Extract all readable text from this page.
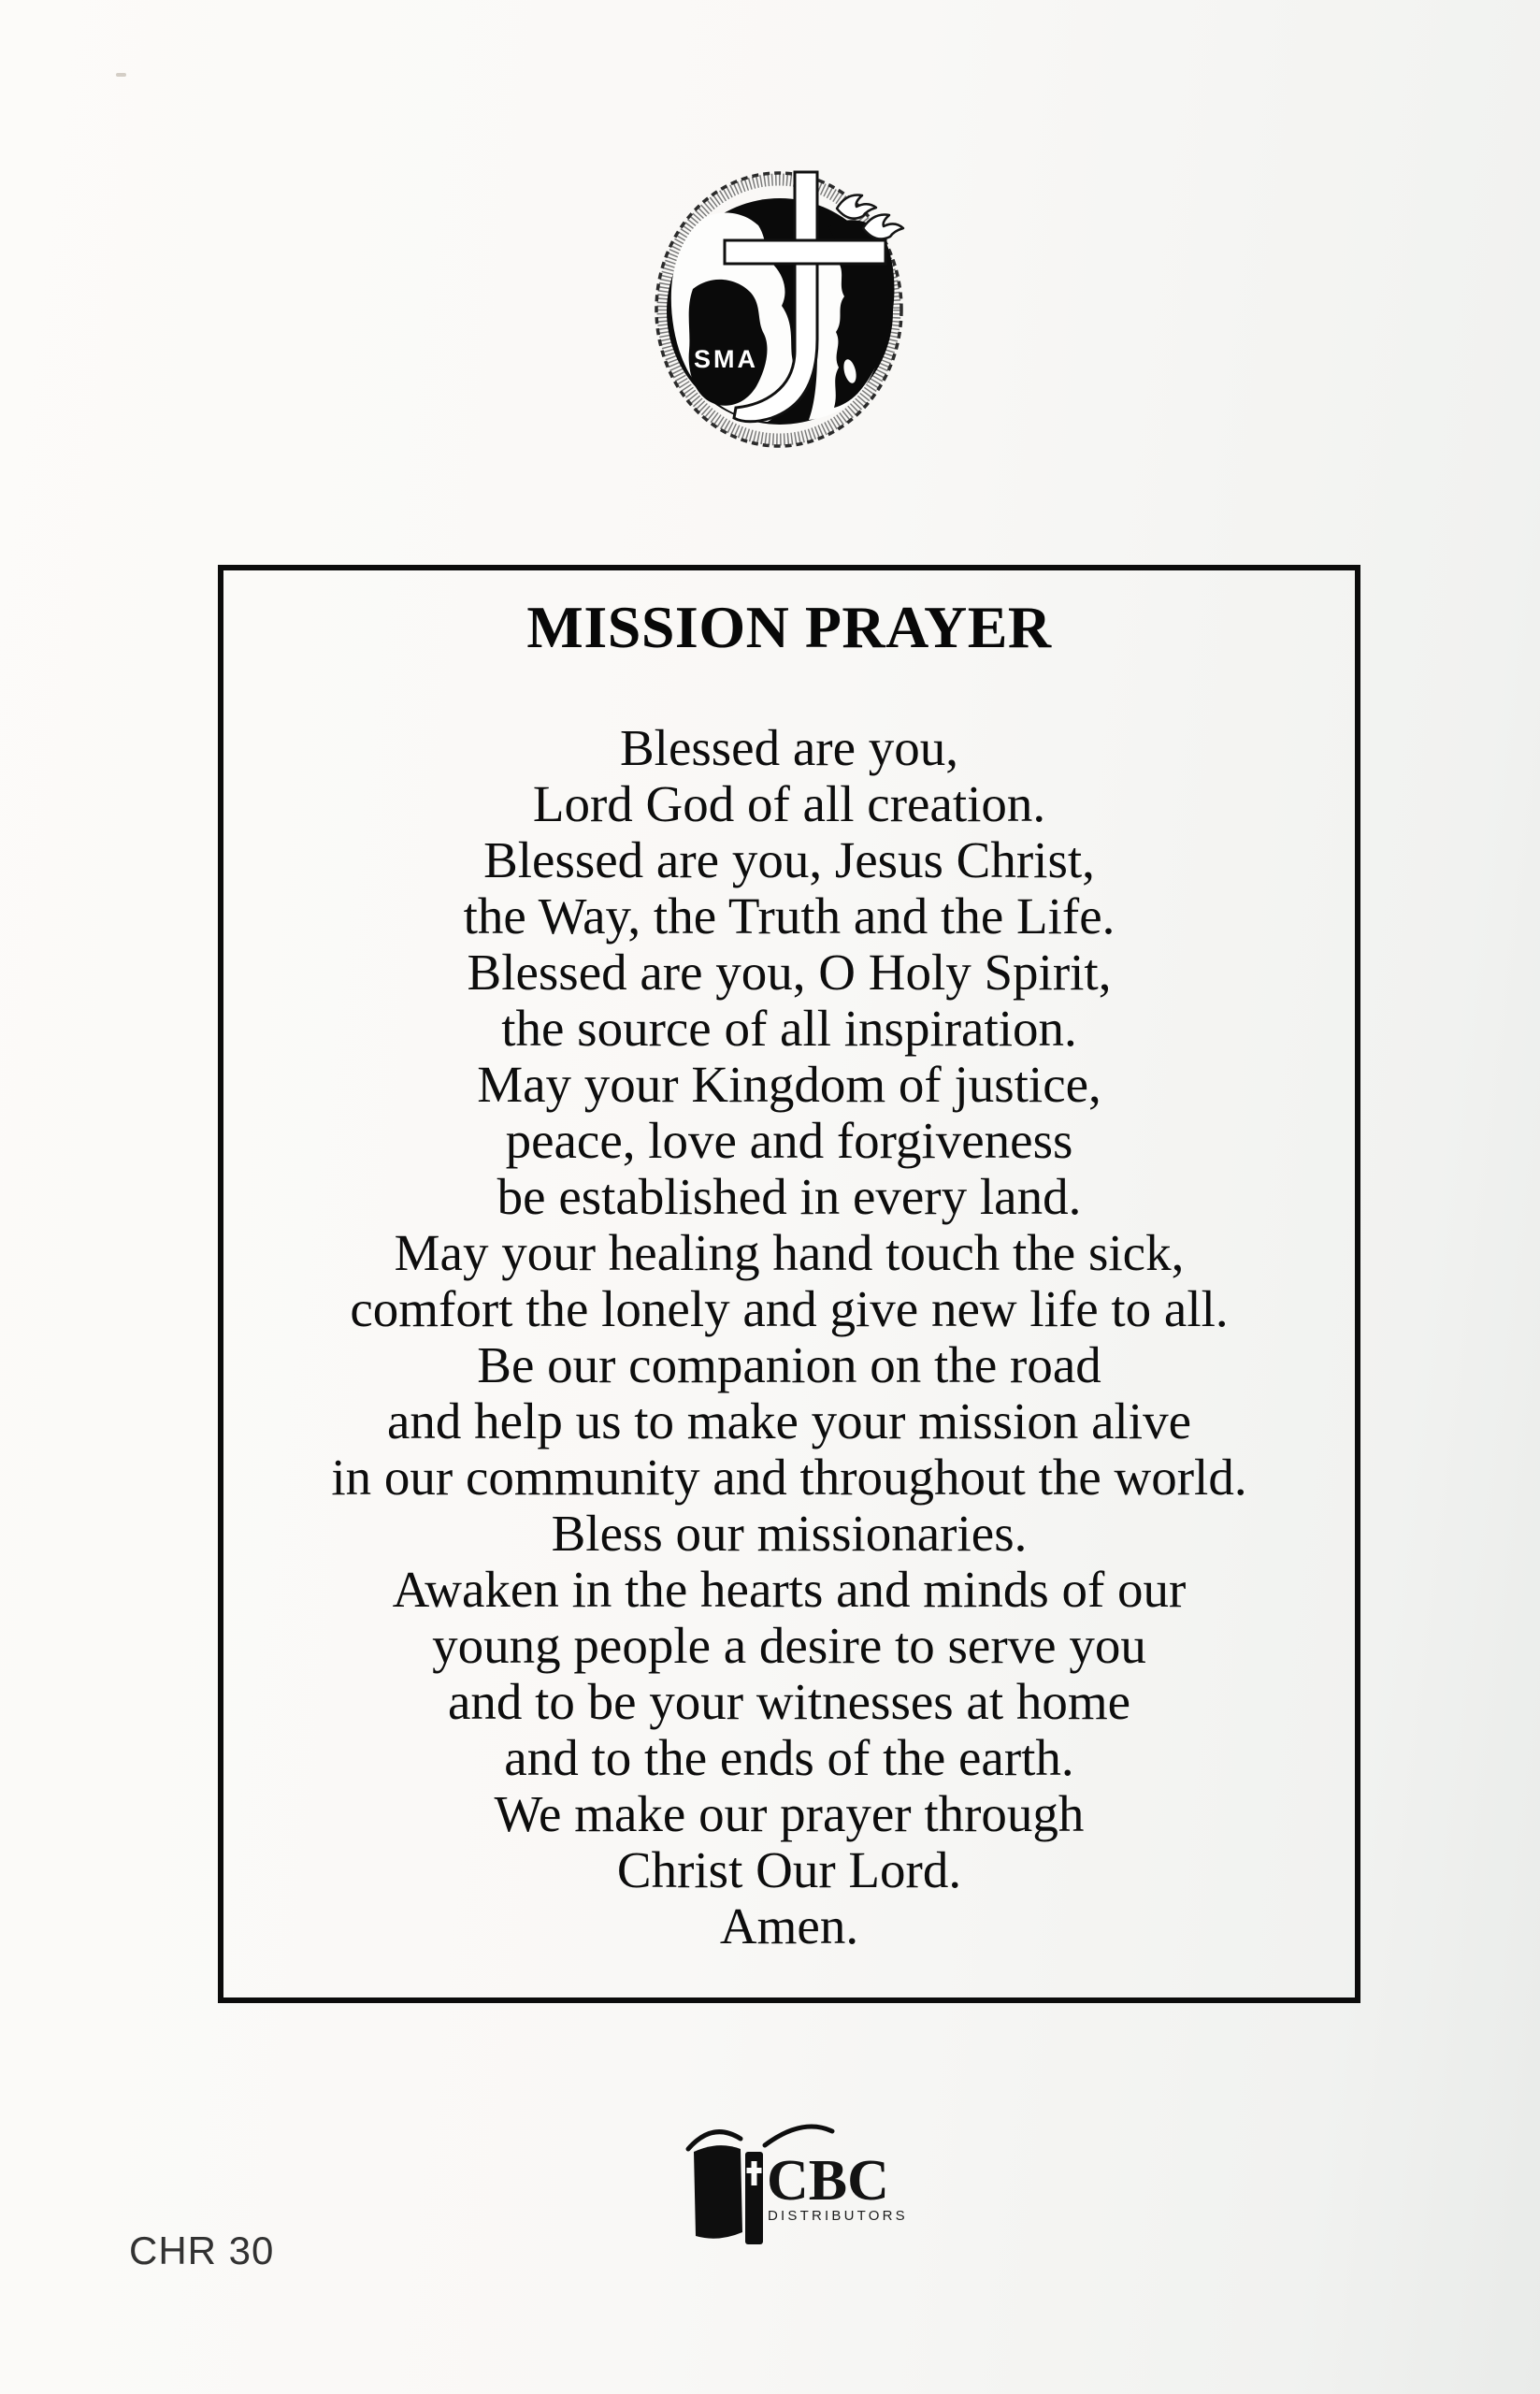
SMA
MISSION PRAYER
Blessed are you,
Lord God of all creation.
Blessed are you, Jesus Christ,
the Way, the Truth and the Life.
Blessed are you, O Holy Spirit,
the source of all inspiration.
May your Kingdom of justice,
peace, love and forgiveness
be established in every land.
May your healing hand touch the sick,
comfort the lonely and give new life to all.
Be our companion on the road
and help us to make your mission alive
in our community and throughout the world.
Bless our missionaries.
Awaken in the hearts and minds of our
young people a desire to serve you
and to be your witnesses at home
and to the ends of the earth.
We make our prayer through
Christ Our Lord.
Amen.
CBC
DISTRIBUTORS
CHR 30
